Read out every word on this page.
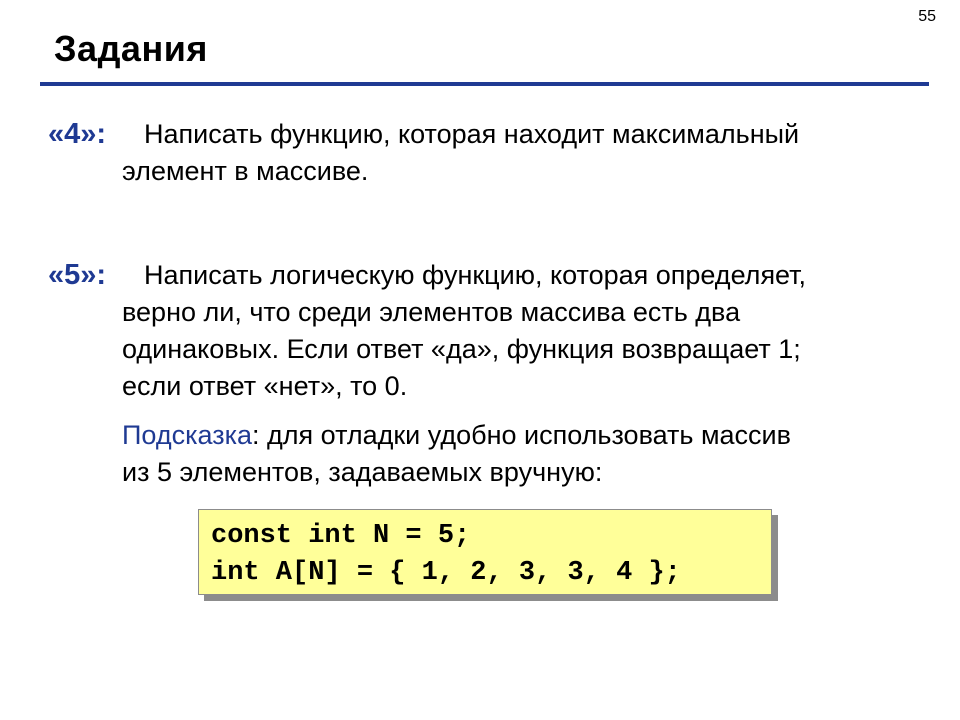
55
Задания
«4»: Написать функцию, которая находит максимальный
элемент в массиве.
«5»: Написать логическую функцию, которая определяет,
верно ли, что среди элементов массива есть два
одинаковых. Если ответ «да», функция возвращает 1;
если ответ «нет», то 0.
Подсказка: для отладки удобно использовать массив
из 5 элементов, задаваемых вручную:
const int N = 5;
int A[N] = { 1, 2, 3, 3, 4 };
